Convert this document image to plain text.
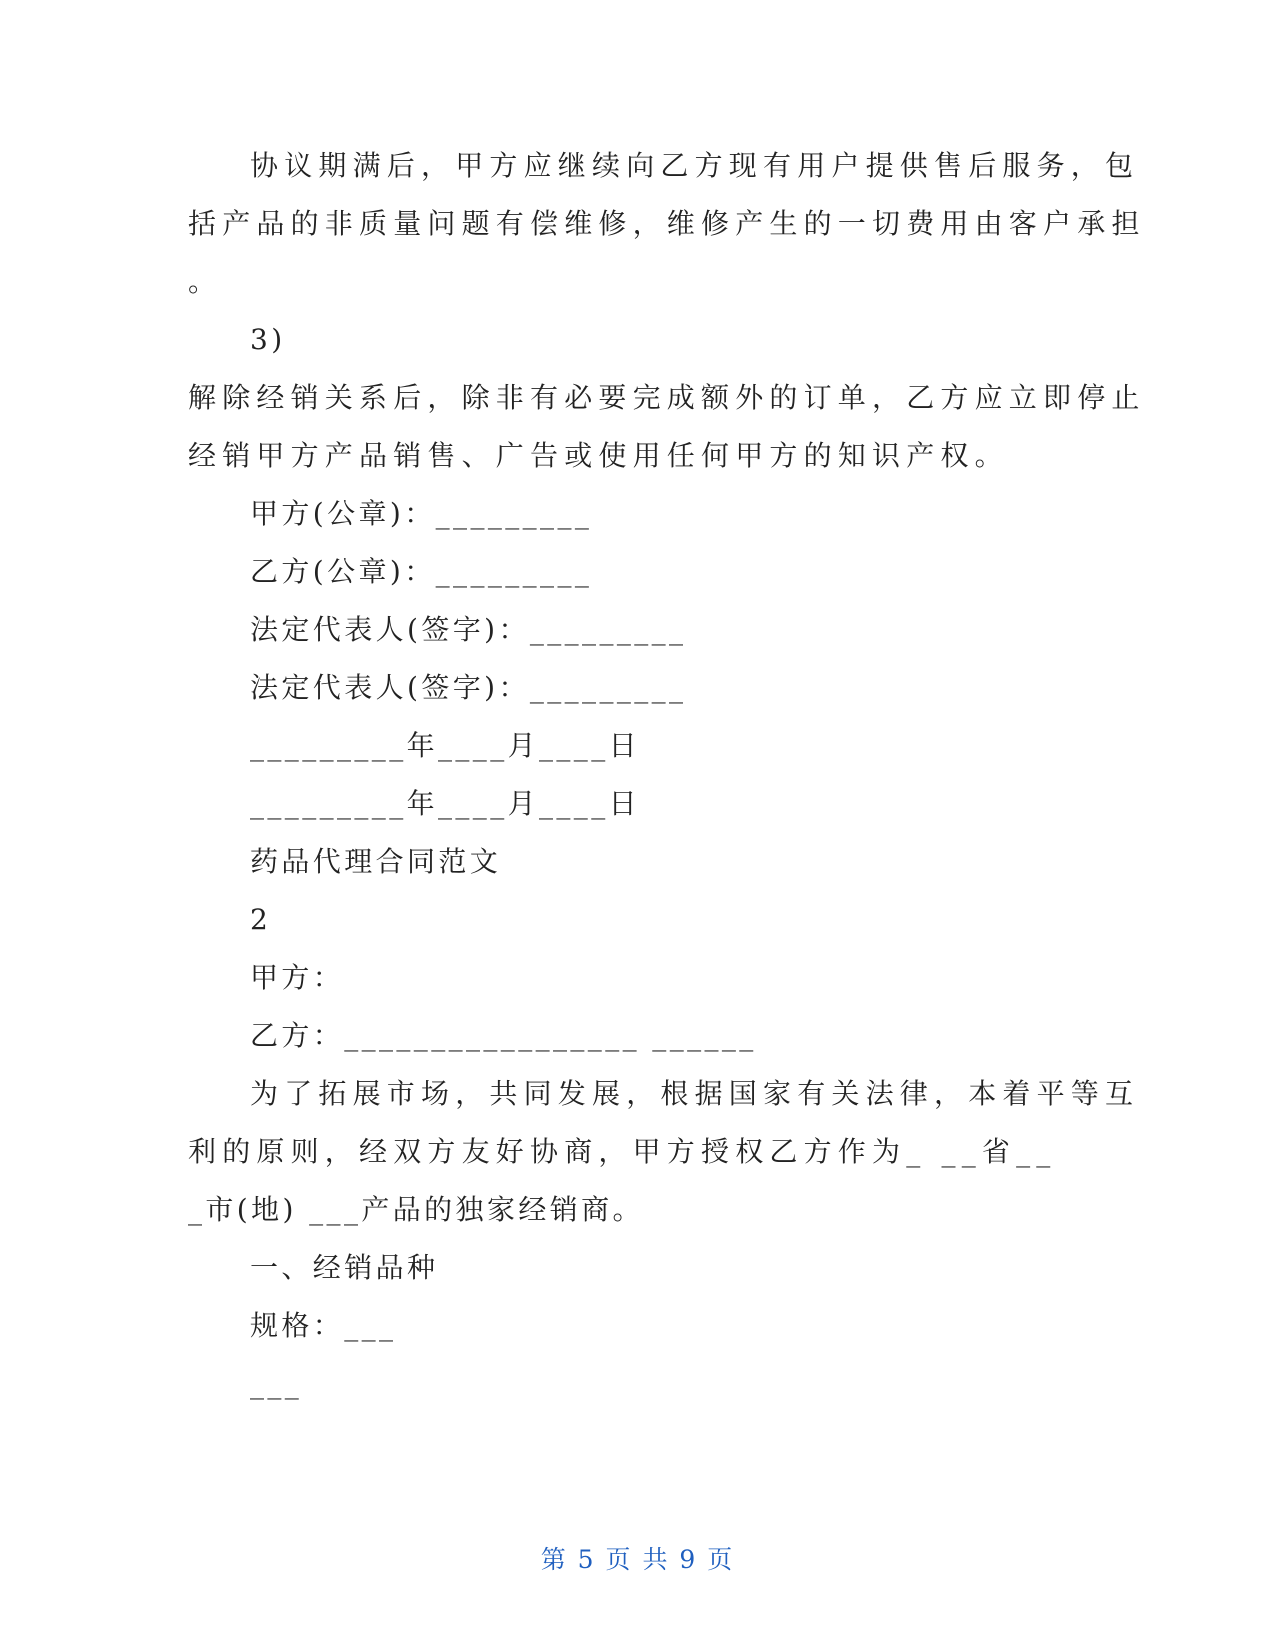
协议期满后，甲方应继续向乙方现有用户提供售后服务，包

括产品的非质量问题有偿维修，维修产生的一切费用由客户承担

。

3)

解除经销关系后，除非有必要完成额外的订单，乙方应立即停止

经销甲方产品销售、广告或使用任何甲方的知识产权。

甲方(公章)：_________

乙方(公章)：_________

法定代表人(签字)：_________

法定代表人(签字)：_________

_________年____月____日

_________年____月____日

药品代理合同范文

2

甲方：

乙方：_________________ ______

为了拓展市场，共同发展，根据国家有关法律，本着平等互

利的原则，经双方友好协商，甲方授权乙方作为_ __省__

_市(地) ___产品的独家经销商。

一、经销品种

规格：___

___

第 5 页 共 9 页
